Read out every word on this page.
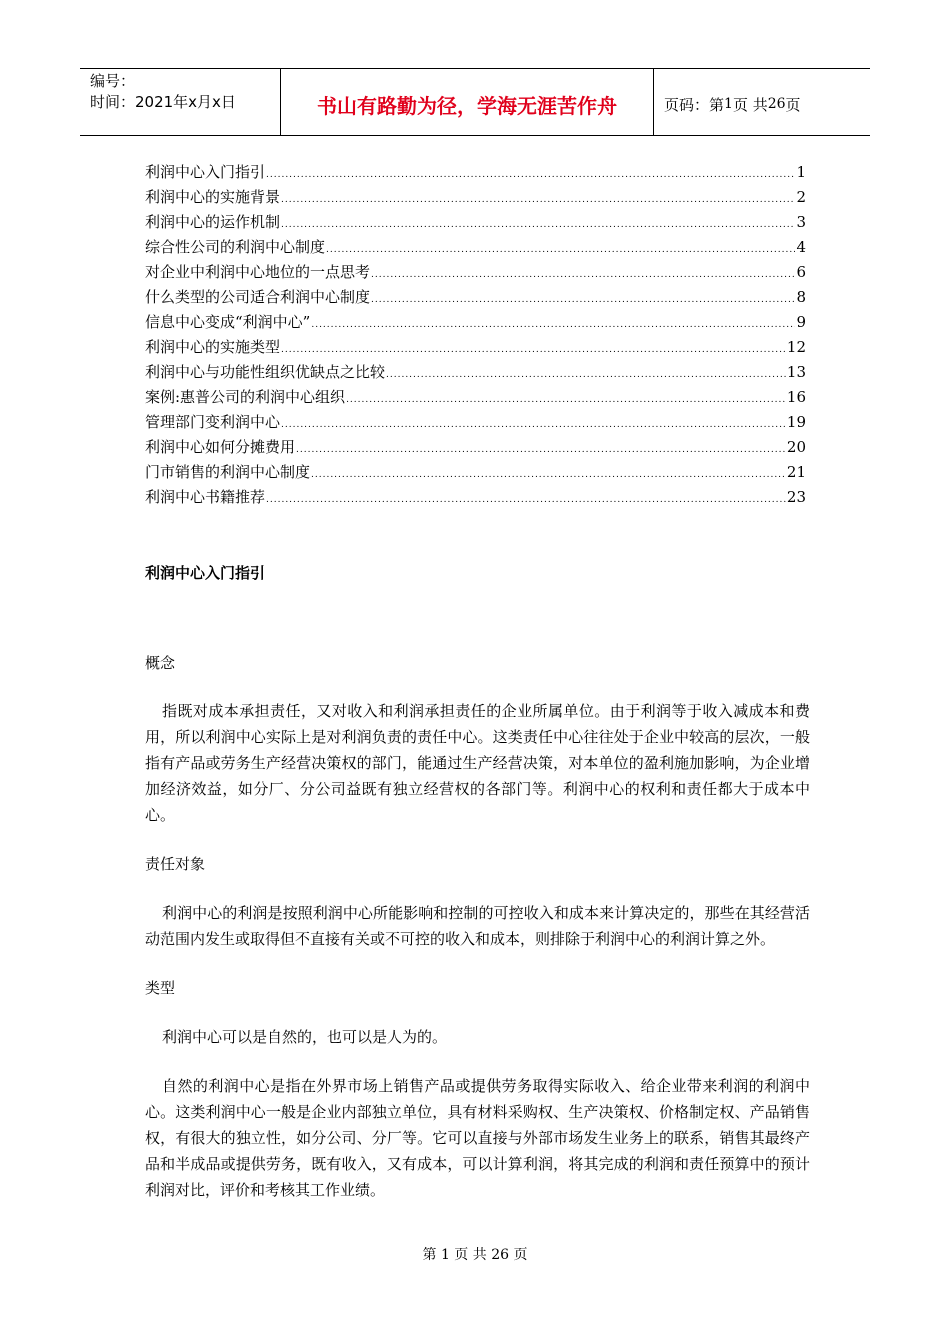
编号：
时间：2021年x月x日	书山有路勤为径，学海无涯苦作舟	页码：第 1 页 共 26 页
利润中心入门指引 .....	1
利润中心的实施背景 .....	2
利润中心的运作机制 .....	3
综合性公司的利润中心制度 .....	4
对企业中利润中心地位的一点思考 .....	6
什么类型的公司适合利润中心制度 .....	8
信息中心变成“利润中心” .....	9
利润中心的实施类型 .....	12
利润中心与功能性组织优缺点之比较 .....	13
案例:惠普公司的利润中心组织 .....	16
管理部门变利润中心 .....	19
利润中心如何分摊费用 .....	20
门市销售的利润中心制度 .....	21
利润中心书籍推荐 .....	23
利润中心入门指引

概念

指既对成本承担责任，又对收入和利润承担责任的企业所属单位。由于利润等于收入减成本和费用，所以利润中心实际上是对利润负责的责任中心。这类责任中心往往处于企业中较高的层次，一般指有产品或劳务生产经营决策权的部门，能通过生产经营决策，对本单位的盈利施加影响，为企业增加经济效益，如分厂、分公司益既有独立经营权的各部门等。利润中心的权利和责任都大于成本中心。

责任对象

利润中心的利润是按照利润中心所能影响和控制的可控收入和成本来计算决定的，那些在其经营活动范围内发生或取得但不直接有关或不可控的收入和成本，则排除于利润中心的利润计算之外。

类型

利润中心可以是自然的，也可以是人为的。

自然的利润中心是指在外界市场上销售产品或提供劳务取得实际收入、给企业带来利润的利润中心。这类利润中心一般是企业内部独立单位，具有材料采购权、生产决策权、价格制定权、产品销售权，有很大的独立性，如分公司、分厂等。它可以直接与外部市场发生业务上的联系，销售其最终产品和半成品或提供劳务，既有收入，又有成本，可以计算利润，将其完成的利润和责任预算中的预计利润对比，评价和考核其工作业绩。

第 1 页 共 26 页
